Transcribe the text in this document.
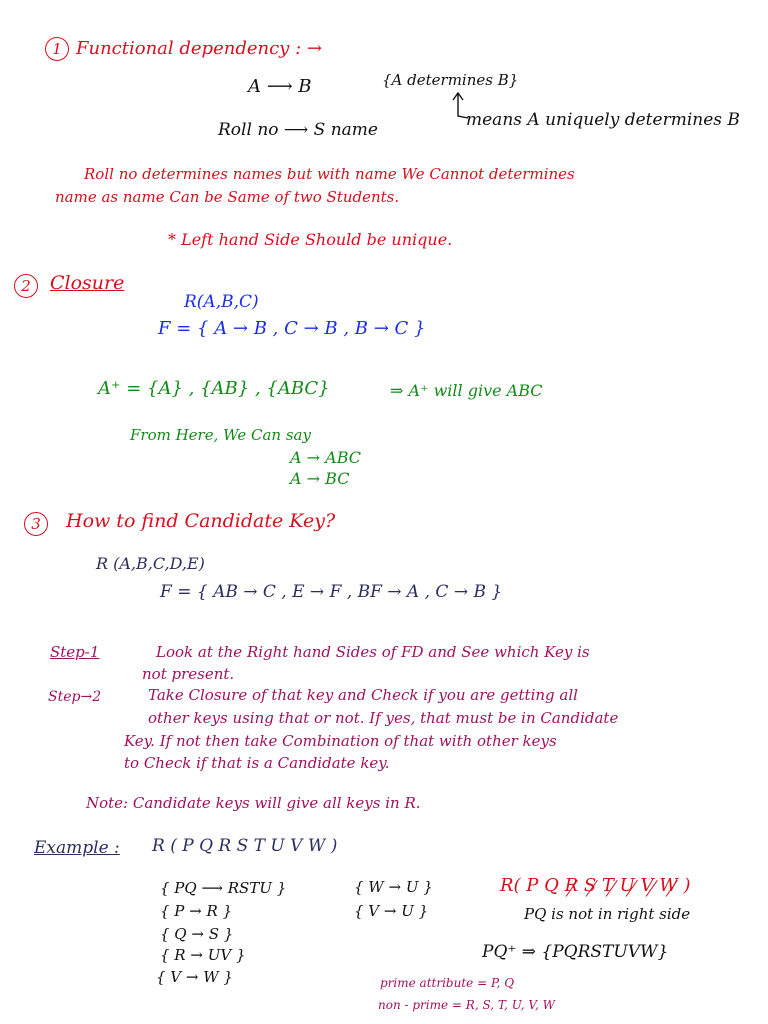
1 Functional dependency : →
A ⟶ B	{A determines B}
means A uniquely determines B
Roll no ⟶ S name
Roll no determines names but with name We Cannot determines
name as name Can be Same of two Students.
* Left hand Side Should be unique.
2	Closure
R(A,B,C)
F = { A → B , C → B , B → C }
A⁺ = {A} , {AB} , {ABC}	⇒ A⁺ will give ABC
From Here, We Can say
A → ABC
A → BC
3	How to find Candidate Key?
R (A,B,C,D,E)
F = { AB → C , E → F , BF → A , C → B }
Step-1	Look at the Right hand Sides of FD and See which Key is
not present.
Step→2	Take Closure of that key and Check if you are getting all
other keys using that or not. If yes, that must be in Candidate
Key. If not then take Combination of that with other keys
to Check if that is a Candidate key.
Note: Candidate keys will give all keys in R.
Example : R ( P Q R S T U V W )
{ PQ ⟶ RSTU }
{ P → R }
{ Q → S }
{ R → UV }
{ V → W }
{ W → U }
{ V → U }
R( P Q R S T U V W )
PQ is not in right side
PQ⁺ ⇒ {PQRSTUVW}
prime attribute = P, Q
non - prime = R, S, T, U, V, W
